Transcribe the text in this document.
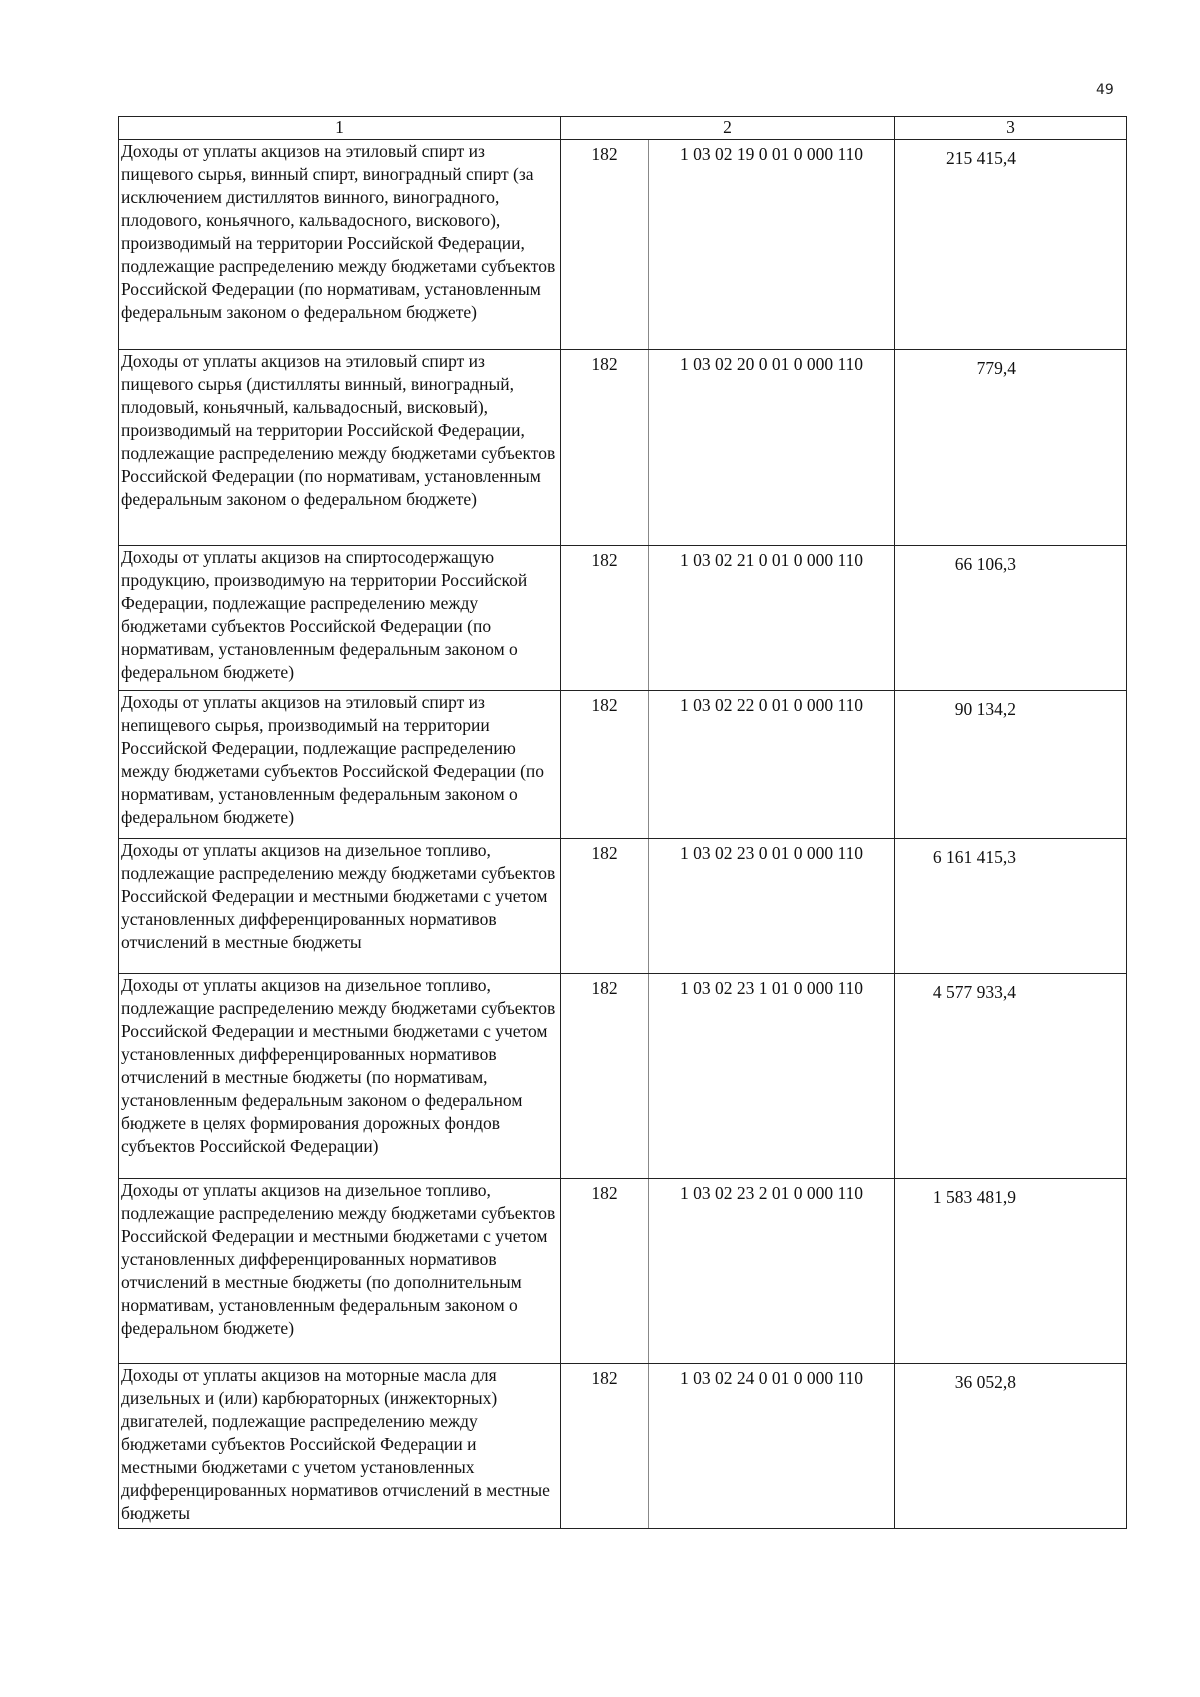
49
1	2		3
Доходы от уплаты акцизов на этиловый спирт из пищевого сырья, винный спирт, виноградный спирт (за исключением дистиллятов винного, виноградного, плодового, коньячного, кальвадосного, вискового), производимый на территории Российской Федерации, подлежащие распределению между бюджетами субъектов Российской Федерации (по нормативам, установленным федеральным законом о федеральном бюджете)	182	1 03 02 19 0 01 0 000 110	215 415,4
Доходы от уплаты акцизов на этиловый спирт из пищевого сырья (дистилляты винный, виноградный, плодовый, коньячный, кальвадосный, висковый), производимый на территории Российской Федерации, подлежащие распределению между бюджетами субъектов Российской Федерации (по нормативам, установленным федеральным законом о федеральном бюджете)	182	1 03 02 20 0 01 0 000 110	779,4
Доходы от уплаты акцизов на спиртосодержащую продукцию, производимую на территории Российской Федерации, подлежащие распределению между бюджетами субъектов Российской Федерации (по нормативам, установленным федеральным законом о федеральном бюджете)	182	1 03 02 21 0 01 0 000 110	66 106,3
Доходы от уплаты акцизов на этиловый спирт из непищевого сырья, производимый на территории Российской Федерации, подлежащие распределению между бюджетами субъектов Российской Федерации (по нормативам, установленным федеральным законом о федеральном бюджете)	182	1 03 02 22 0 01 0 000 110	90 134,2
Доходы от уплаты акцизов на дизельное топливо, подлежащие распределению между бюджетами субъектов Российской Федерации и местными бюджетами с учетом установленных дифференцированных нормативов отчислений в местные бюджеты	182	1 03 02 23 0 01 0 000 110	6 161 415,3
Доходы от уплаты акцизов на дизельное топливо, подлежащие распределению между бюджетами субъектов Российской Федерации и местными бюджетами с учетом установленных дифференцированных нормативов отчислений в местные бюджеты (по нормативам, установленным федеральным законом о федеральном бюджете в целях формирования дорожных фондов субъектов Российской Федерации)	182	1 03 02 23 1 01 0 000 110	4 577 933,4
Доходы от уплаты акцизов на дизельное топливо, подлежащие распределению между бюджетами субъектов Российской Федерации и местными бюджетами с учетом установленных дифференцированных нормативов отчислений в местные бюджеты (по дополнительным нормативам, установленным федеральным законом о федеральном бюджете)	182	1 03 02 23 2 01 0 000 110	1 583 481,9
Доходы от уплаты акцизов на моторные масла для дизельных и (или) карбюраторных (инжекторных) двигателей, подлежащие распределению между бюджетами субъектов Российской Федерации и местными бюджетами с учетом установленных дифференцированных нормативов отчислений в местные бюджеты	182	1 03 02 24 0 01 0 000 110	36 052,8
